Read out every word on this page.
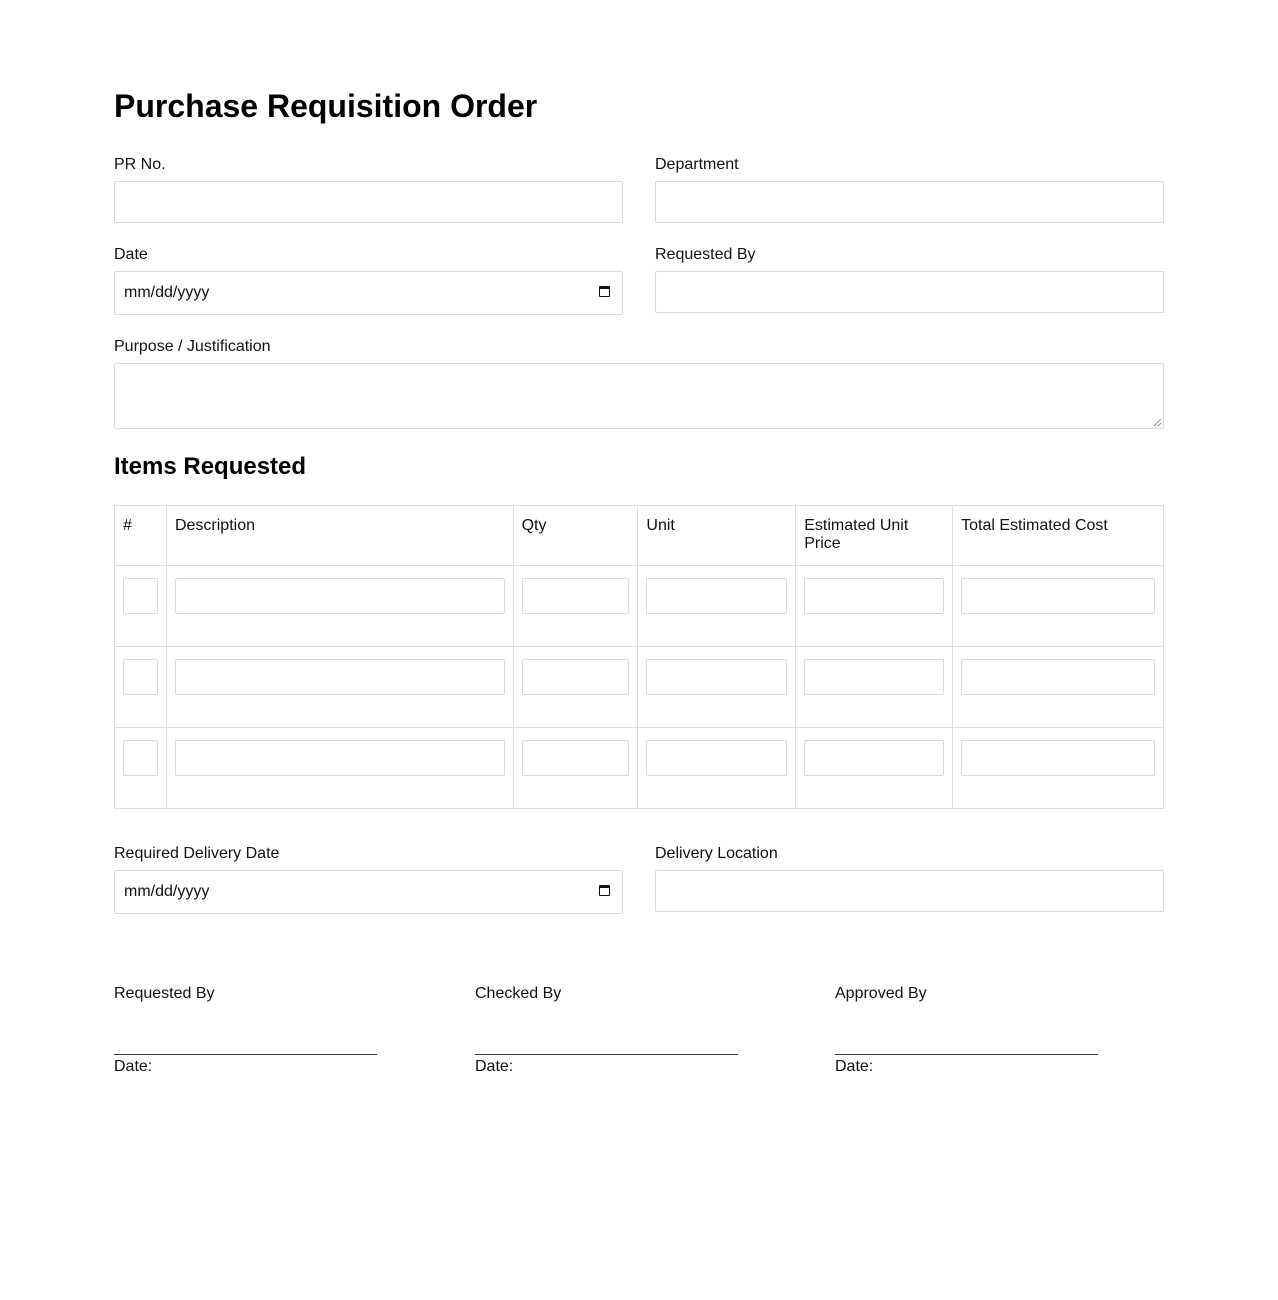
Purchase Requisition Order
PR No.	Department
Date
mm/dd/yyyy
Requested By
Purpose / Justification
Items Requested
#	Description	Qty	Unit	Estimated Unit Price	Total Estimated Cost

Required Delivery Date
mm/dd/yyyy
Delivery Location
Requested By
Date:
Checked By
Date:
Approved By
Date:
